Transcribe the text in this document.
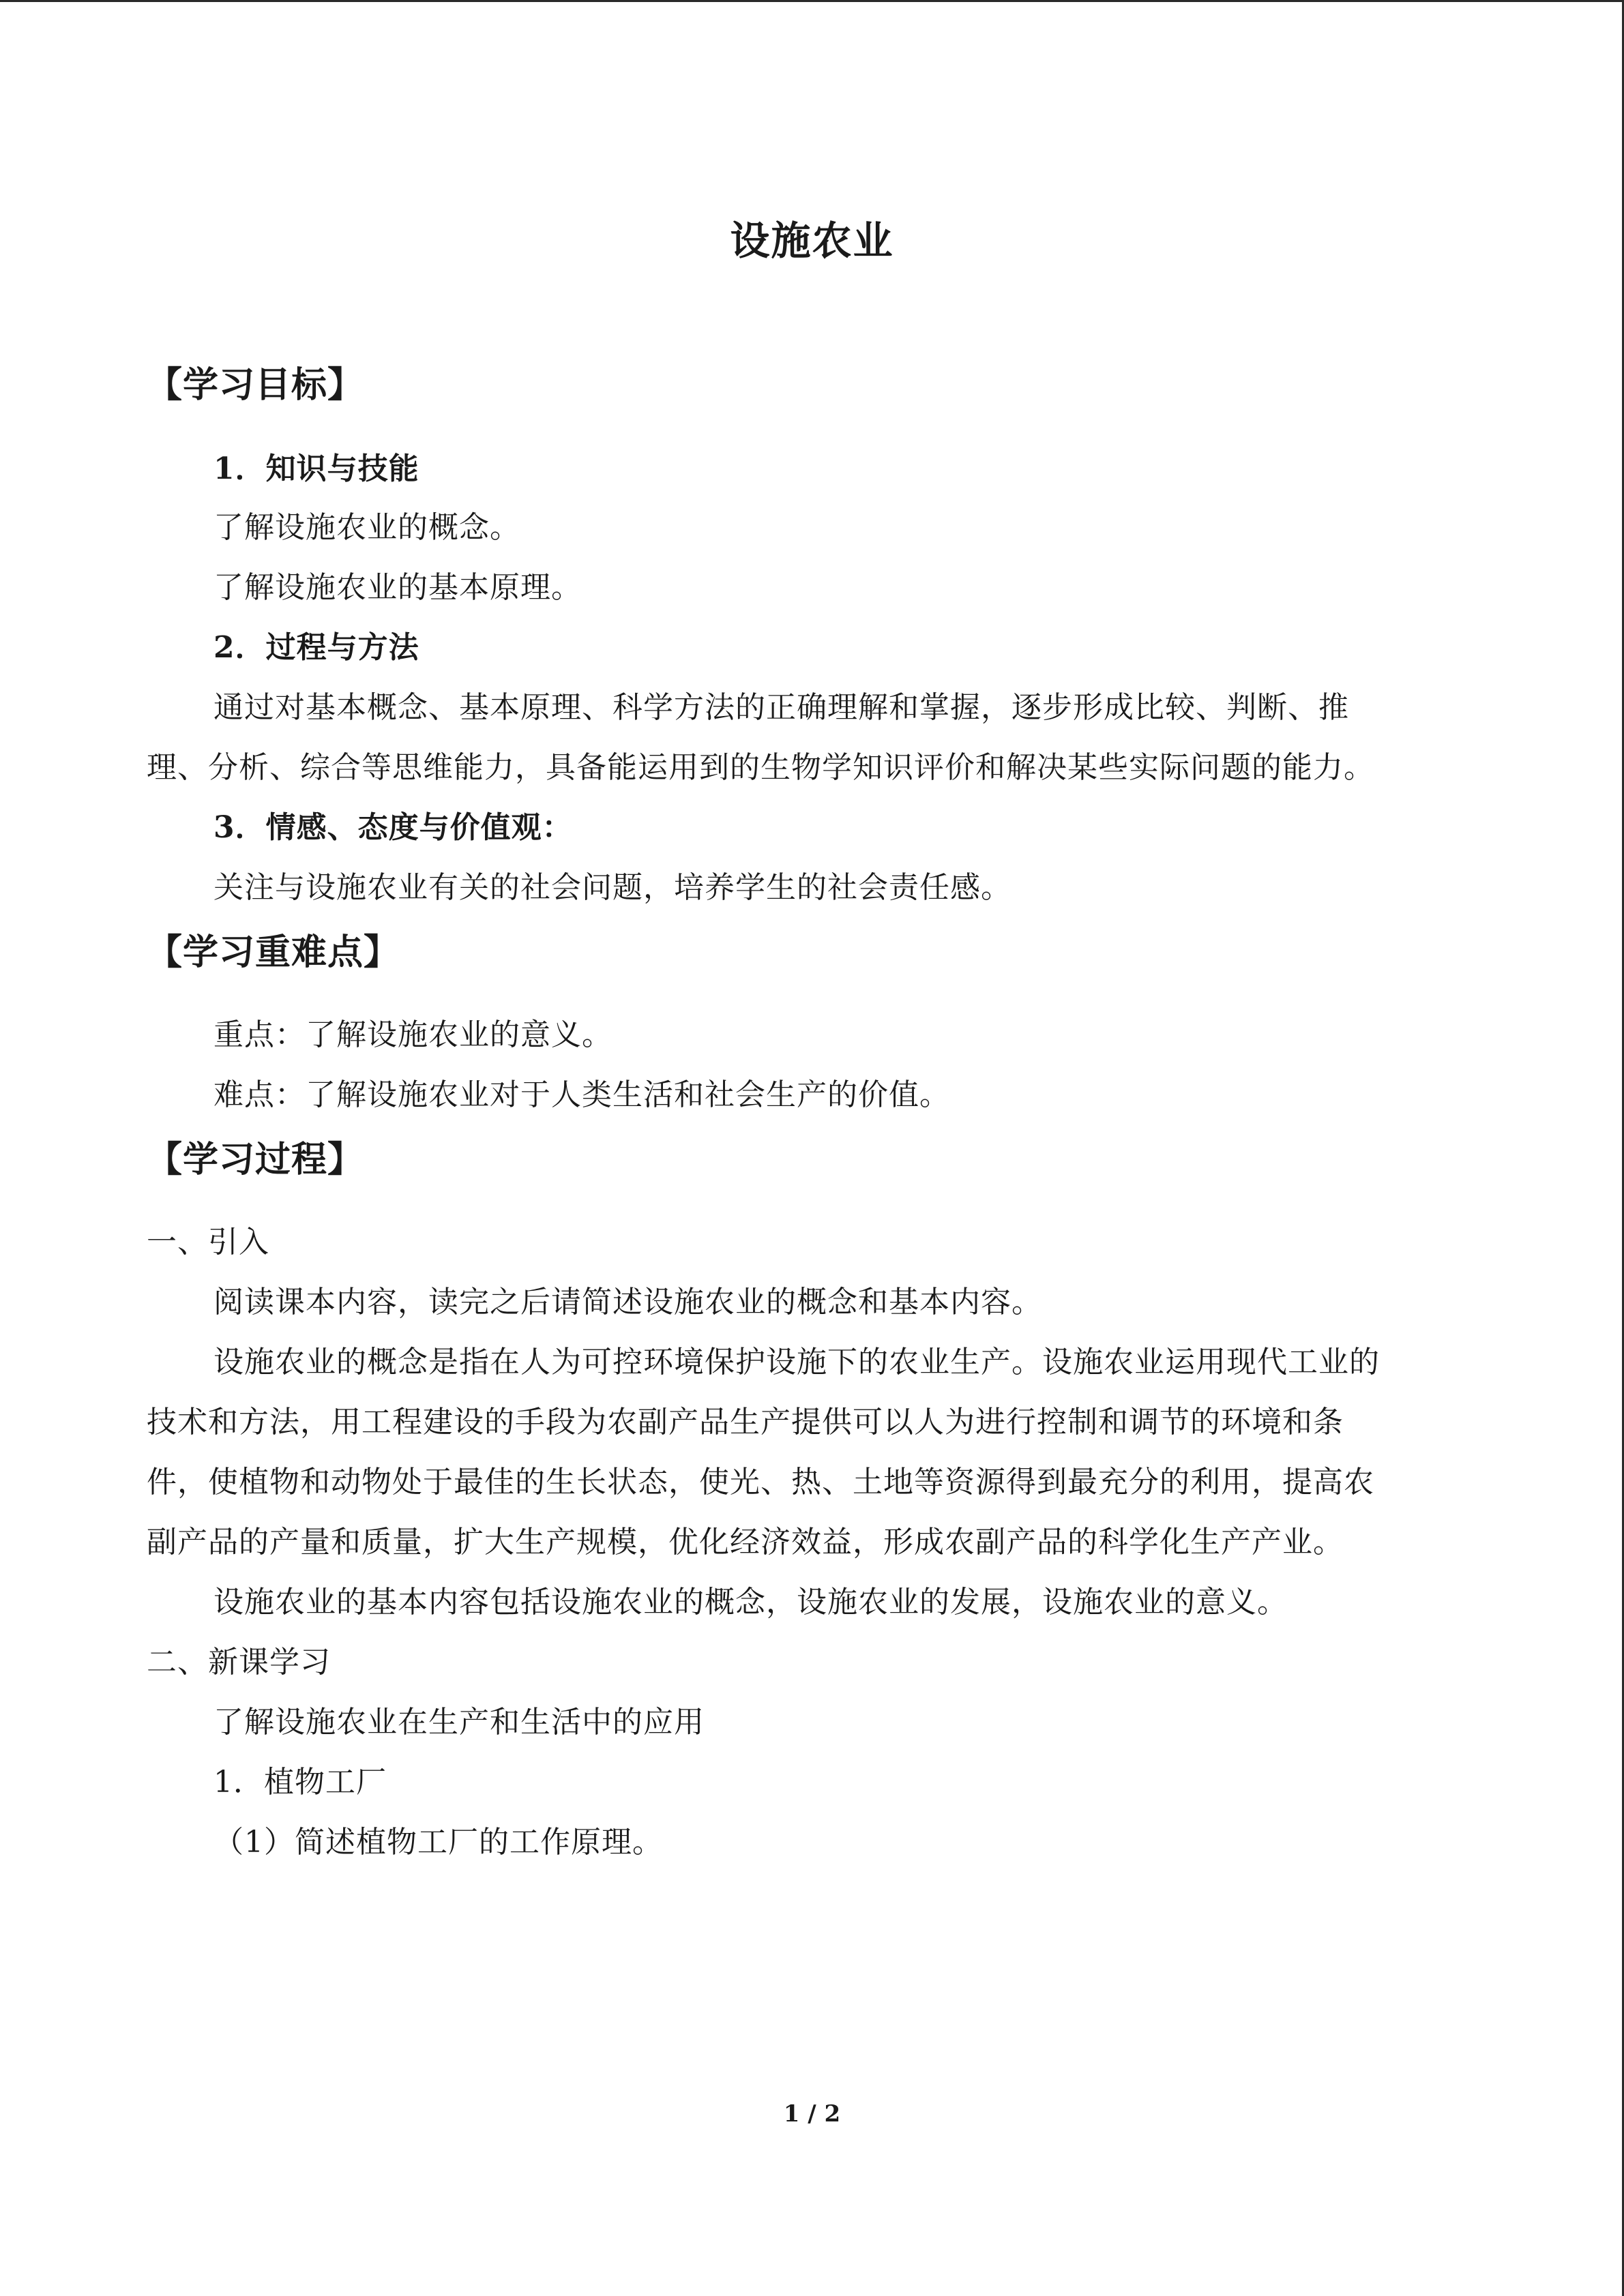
设施农业
【学习目标】
1．知识与技能
了解设施农业的概念。
了解设施农业的基本原理。
2．过程与方法
通过对基本概念、基本原理、科学方法的正确理解和掌握，逐步形成比较、判断、推
理、分析、综合等思维能力，具备能运用到的生物学知识评价和解决某些实际问题的能力。
3．情感、态度与价值观：
关注与设施农业有关的社会问题，培养学生的社会责任感。
【学习重难点】
重点：了解设施农业的意义。
难点：了解设施农业对于人类生活和社会生产的价值。
【学习过程】
一、引入
阅读课本内容，读完之后请简述设施农业的概念和基本内容。
设施农业的概念是指在人为可控环境保护设施下的农业生产。设施农业运用现代工业的
技术和方法，用工程建设的手段为农副产品生产提供可以人为进行控制和调节的环境和条
件，使植物和动物处于最佳的生长状态，使光、热、土地等资源得到最充分的利用，提高农
副产品的产量和质量，扩大生产规模，优化经济效益，形成农副产品的科学化生产产业。
设施农业的基本内容包括设施农业的概念，设施农业的发展，设施农业的意义。
二、新课学习
了解设施农业在生产和生活中的应用
1．植物工厂
（1）简述植物工厂的工作原理。
1 / 2
